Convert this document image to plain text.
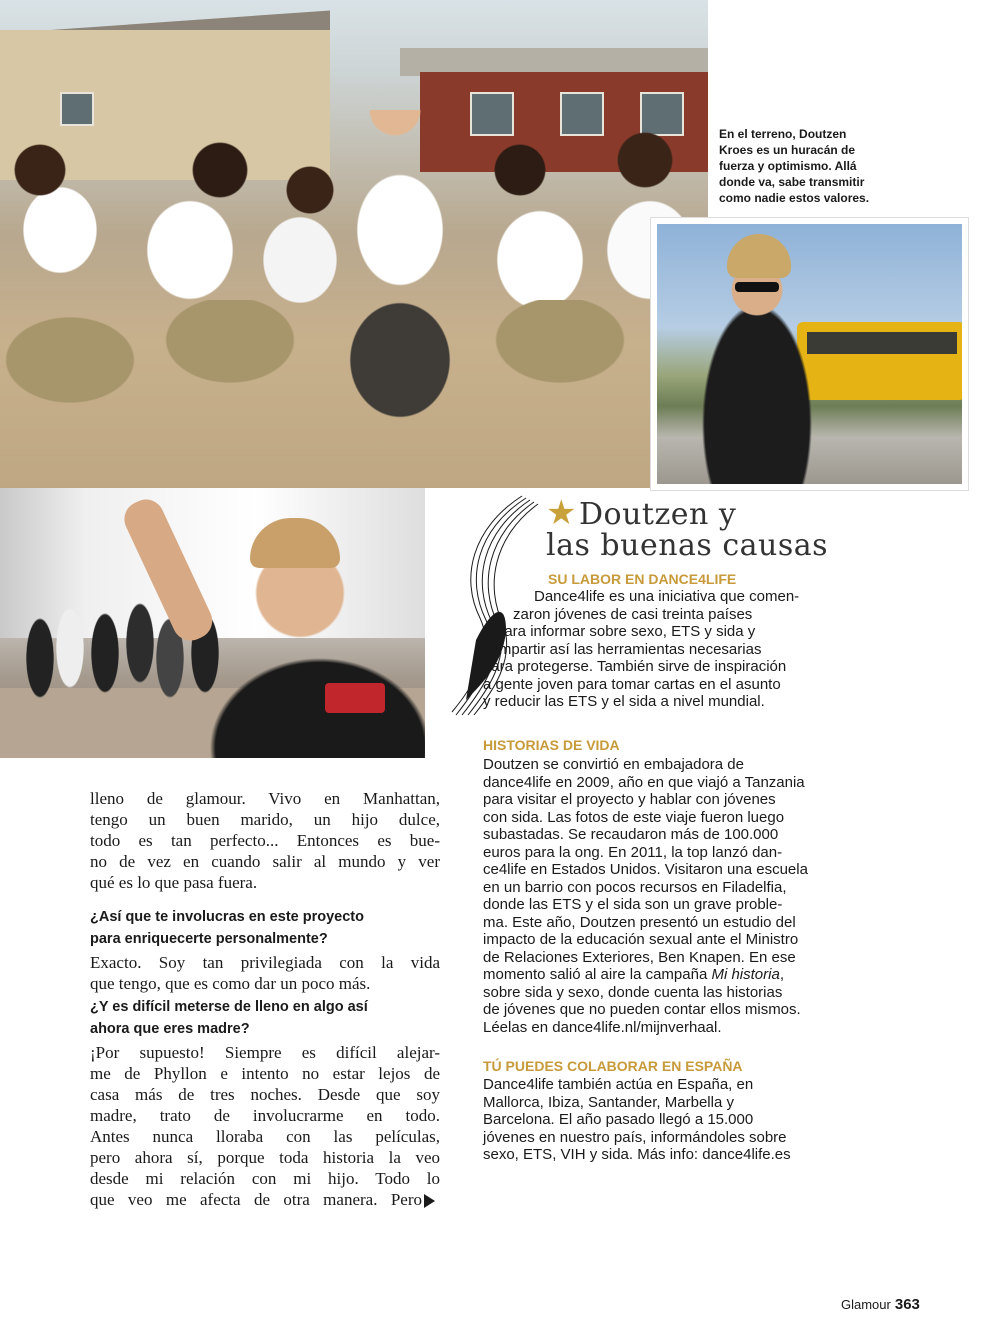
En el terreno, Doutzen
Kroes es un huracán de
fuerza y optimismo. Allá
donde va, sabe transmitir
como nadie estos valores.
★Doutzen y
las buenas causas
SU LABOR EN DANCE4LIFE
Dance4life es una iniciativa que comen-
zaron jóvenes de casi treinta países
para informar sobre sexo, ETS y sida y
compartir así las herramientas necesarias
para protegerse. También sirve de inspiración
a gente joven para tomar cartas en el asunto
y reducir las ETS y el sida a nivel mundial.
HISTORIAS DE VIDA
Doutzen se convirtió en embajadora de
dance4life en 2009, año en que viajó a Tanzania
para visitar el proyecto y hablar con jóvenes
con sida. Las fotos de este viaje fueron luego
subastadas. Se recaudaron más de 100.000
euros para la ong. En 2011, la top lanzó dan-
ce4life en Estados Unidos. Visitaron una escuela
en un barrio con pocos recursos en Filadelfia,
donde las ETS y el sida son un grave proble-
ma. Este año, Doutzen presentó un estudio del
impacto de la educación sexual ante el Ministro
de Relaciones Exteriores, Ben Knapen. En ese
momento salió al aire la campaña Mi historia,
sobre sida y sexo, donde cuenta las historias
de jóvenes que no pueden contar ellos mismos.
Léelas en dance4life.nl/mijnverhaal.
TÚ PUEDES COLABORAR EN ESPAÑA
Dance4life también actúa en España, en
Mallorca, Ibiza, Santander, Marbella y
Barcelona. El año pasado llegó a 15.000
jóvenes en nuestro país, informándoles sobre
sexo, ETS, VIH y sida. Más info: dance4life.es
lleno de glamour. Vivo en Manhattan,
tengo un buen marido, un hijo dulce,
todo es tan perfecto... Entonces es bue-
no de vez en cuando salir al mundo y ver
qué es lo que pasa fuera.
¿Así que te involucras en este proyecto
para enriquecerte personalmente?
Exacto. Soy tan privilegiada con la vida
que tengo, que es como dar un poco más.
¿Y es difícil meterse de lleno en algo así
ahora que eres madre?
¡Por supuesto! Siempre es difícil alejar-
me de Phyllon e intento no estar lejos de
casa más de tres noches. Desde que soy
madre, trato de involucrarme en todo.
Antes nunca lloraba con las películas,
pero ahora sí, porque toda historia la veo
desde mi relación con mi hijo. Todo lo
que veo me afecta de otra manera. Pero
Glamour 363
